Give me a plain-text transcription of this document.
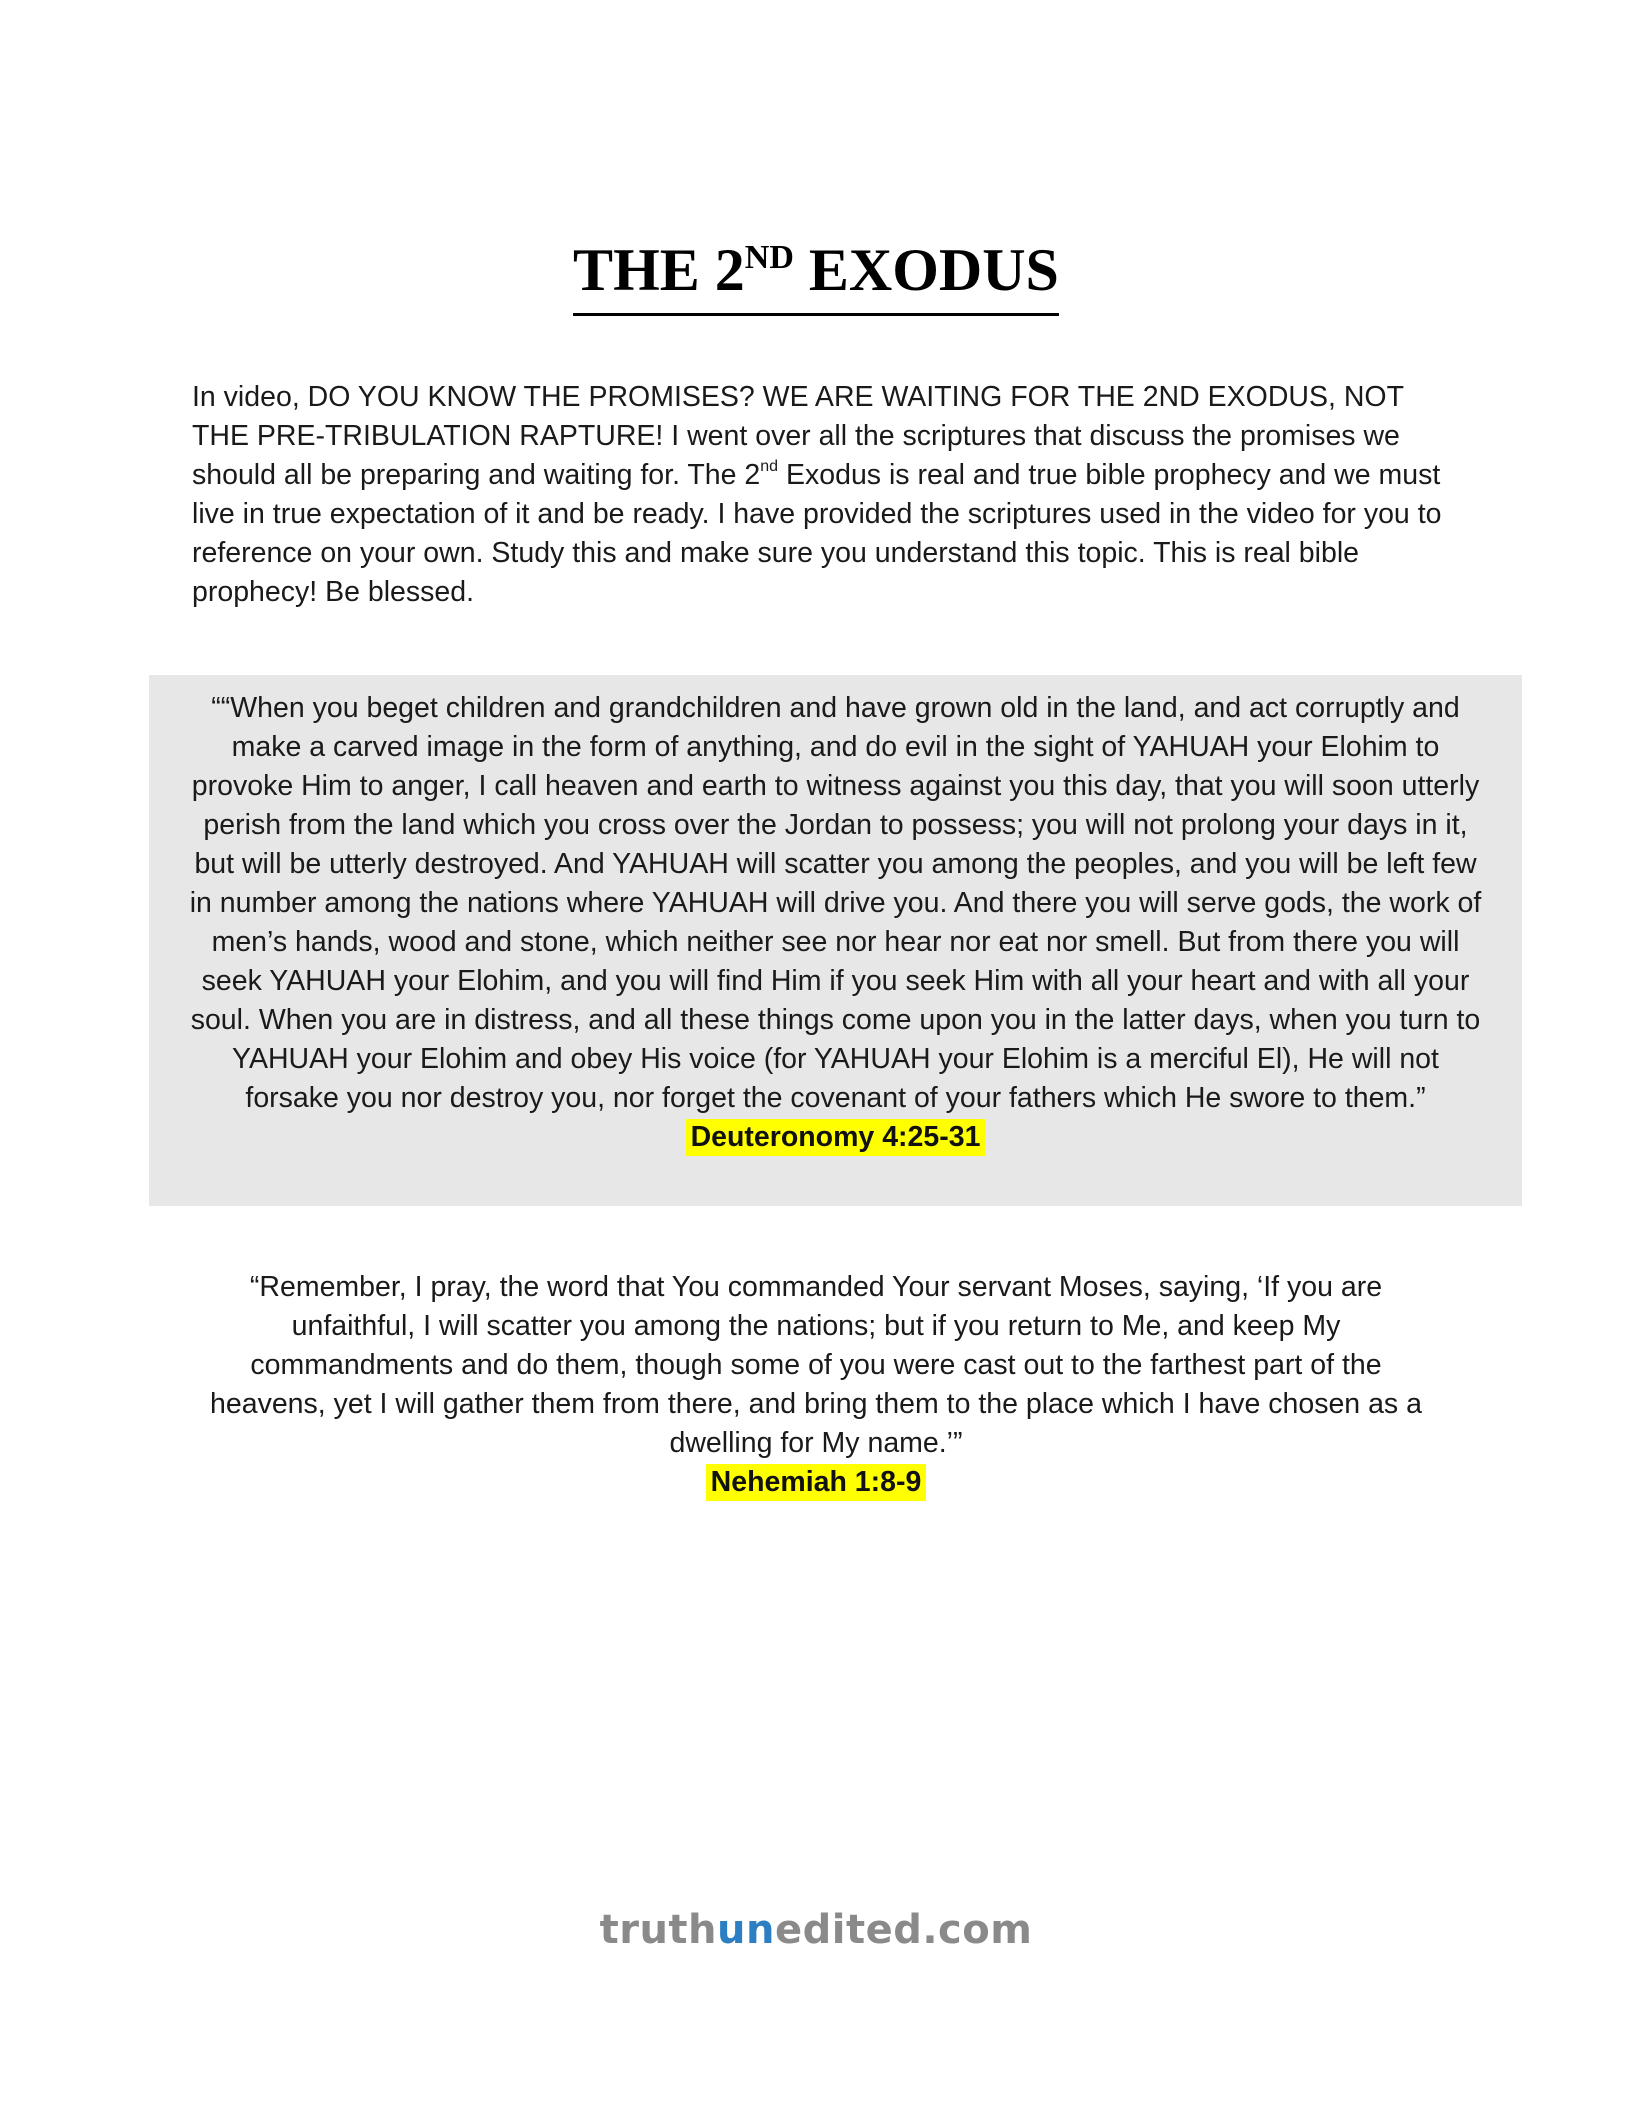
THE 2ND EXODUS

In video, DO YOU KNOW THE PROMISES? WE ARE WAITING FOR THE 2ND EXODUS, NOT THE PRE-TRIBULATION RAPTURE! I went over all the scriptures that discuss the promises we should all be preparing and waiting for. The 2nd Exodus is real and true bible prophecy and we must live in true expectation of it and be ready. I have provided the scriptures used in the video for you to reference on your own. Study this and make sure you understand this topic. This is real bible prophecy! Be blessed.

““When you beget children and grandchildren and have grown old in the land, and act corruptly and make a carved image in the form of anything, and do evil in the sight of YAHUAH your Elohim to provoke Him to anger, I call heaven and earth to witness against you this day, that you will soon utterly perish from the land which you cross over the Jordan to possess; you will not prolong your days in it, but will be utterly destroyed. And YAHUAH will scatter you among the peoples, and you will be left few in number among the nations where YAHUAH will drive you. And there you will serve gods, the work of men’s hands, wood and stone, which neither see nor hear nor eat nor smell. But from there you will seek YAHUAH your Elohim, and you will find Him if you seek Him with all your heart and with all your soul. When you are in distress, and all these things come upon you in the latter days, when you turn to YAHUAH your Elohim and obey His voice (for YAHUAH your Elohim is a merciful El), He will not forsake you nor destroy you, nor forget the covenant of your fathers which He swore to them.”
Deuteronomy 4:25-31

“Remember, I pray, the word that You commanded Your servant Moses, saying, ‘If you are unfaithful, I will scatter you among the nations; but if you return to Me, and keep My commandments and do them, though some of you were cast out to the farthest part of the heavens, yet I will gather them from there, and bring them to the place which I have chosen as a dwelling for My name.’”
Nehemiah 1:8-9

truthunedited.com
